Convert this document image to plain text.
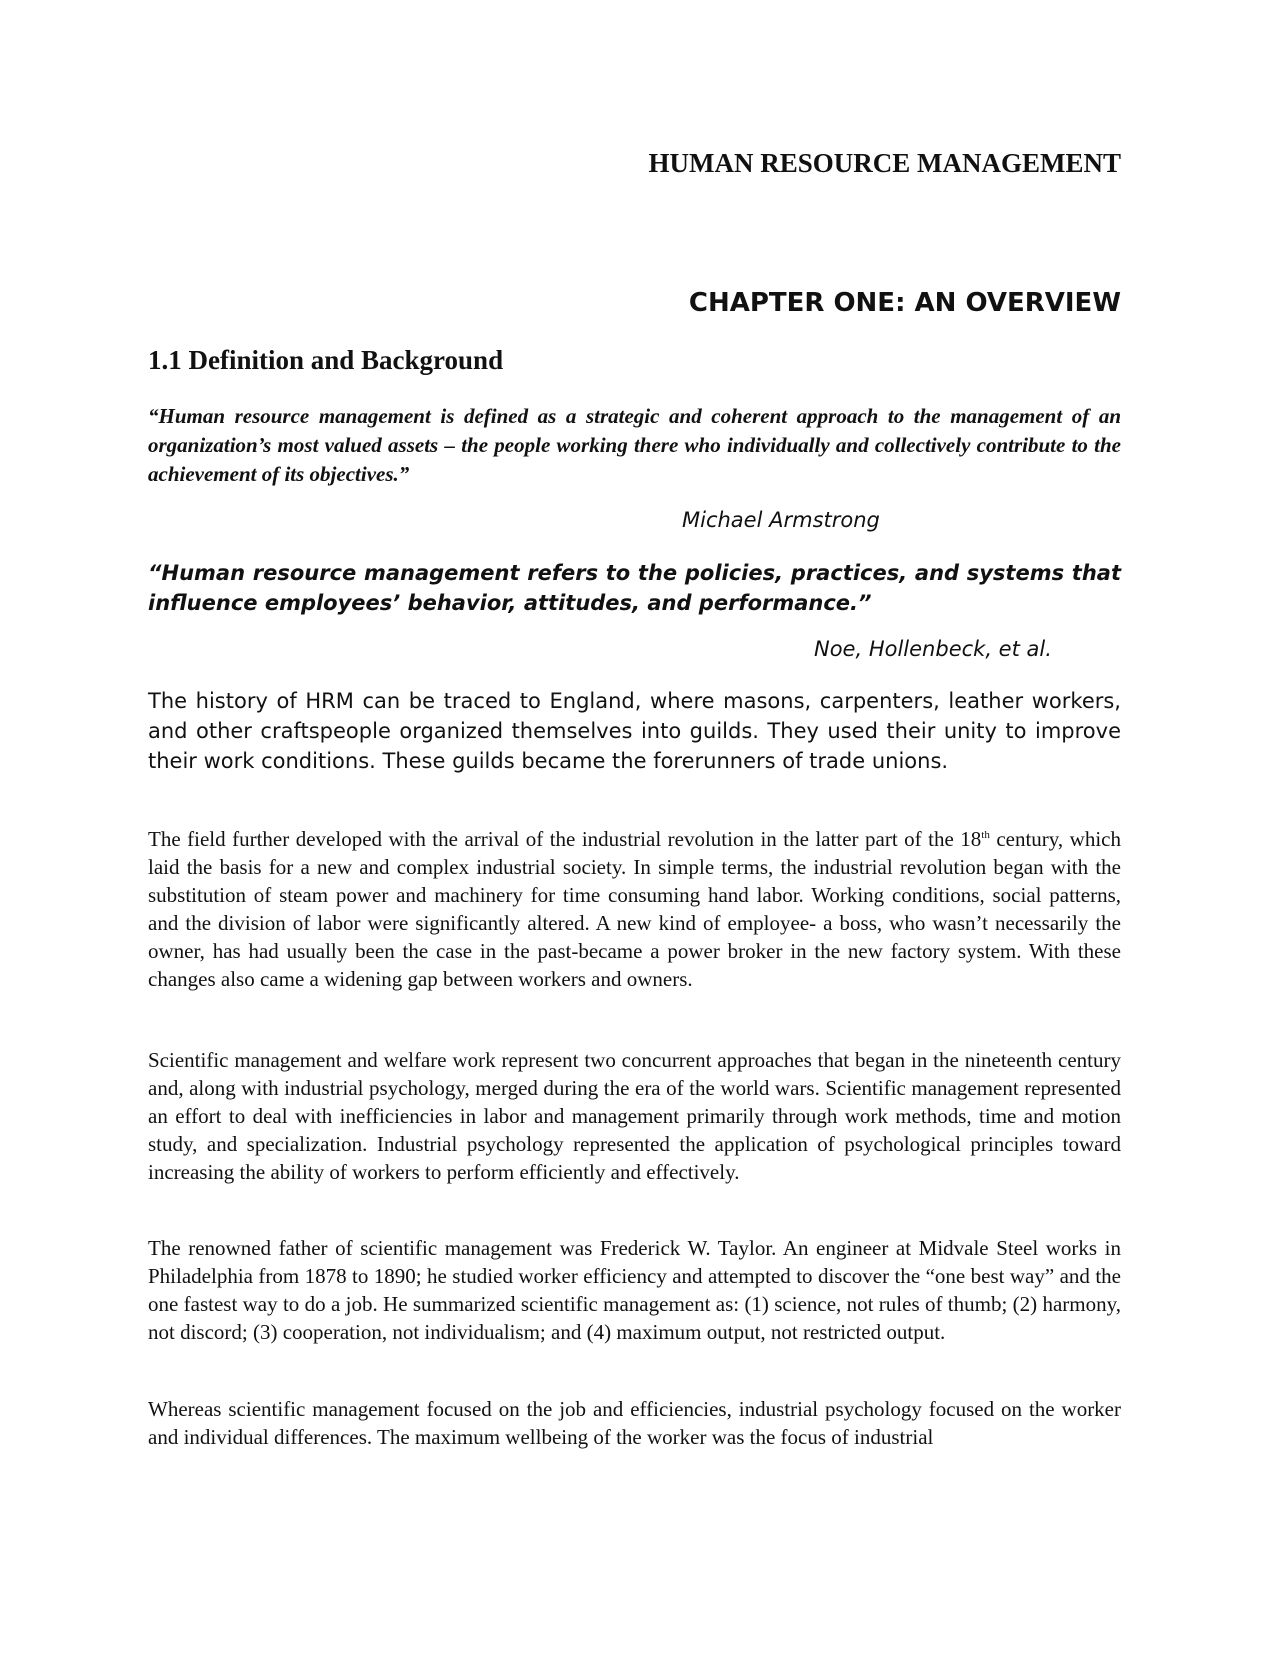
HUMAN RESOURCE MANAGEMENT
CHAPTER ONE: AN OVERVIEW
1.1 Definition and Background

“Human resource management is defined as a strategic and coherent approach to the management of an organization’s most valued assets – the people working there who individually and collectively contribute to the achievement of its objectives.”

Michael Armstrong

“Human resource management refers to the policies, practices, and systems that influence employees’ behavior, attitudes, and performance.”

Noe, Hollenbeck, et al.

The history of HRM can be traced to England, where masons, carpenters, leather workers, and other craftspeople organized themselves into guilds. They used their unity to improve their work conditions. These guilds became the forerunners of trade unions.

The field further developed with the arrival of the industrial revolution in the latter part of the 18th century, which laid the basis for a new and complex industrial society. In simple terms, the industrial revolution began with the substitution of steam power and machinery for time consuming hand labor. Working conditions, social patterns, and the division of labor were significantly altered. A new kind of employee- a boss, who wasn’t necessarily the owner, has had usually been the case in the past-became a power broker in the new factory system. With these changes also came a widening gap between workers and owners.

Scientific management and welfare work represent two concurrent approaches that began in the nineteenth century and, along with industrial psychology, merged during the era of the world wars. Scientific management represented an effort to deal with inefficiencies in labor and management primarily through work methods, time and motion study, and specialization. Industrial psychology represented the application of psychological principles toward increasing the ability of workers to perform efficiently and effectively.

The renowned father of scientific management was Frederick W. Taylor. An engineer at Midvale Steel works in Philadelphia from 1878 to 1890; he studied worker efficiency and attempted to discover the “one best way” and the one fastest way to do a job. He summarized scientific management as: (1) science, not rules of thumb; (2) harmony, not discord; (3) cooperation, not individualism; and (4) maximum output, not restricted output.

Whereas scientific management focused on the job and efficiencies, industrial psychology focused on the worker and individual differences. The maximum wellbeing of the worker was the focus of industrial
